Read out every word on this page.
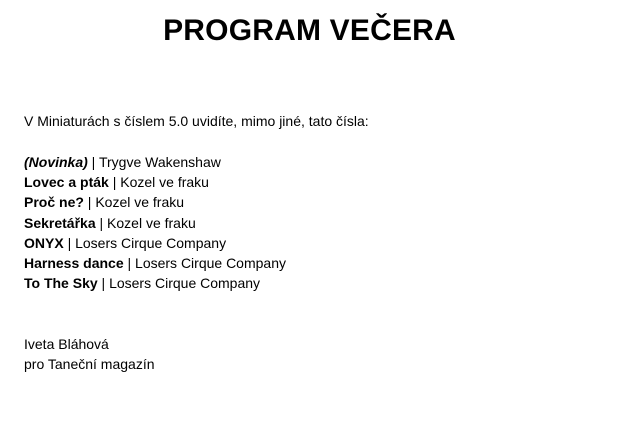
PROGRAM VEČERA

V Miniaturách s číslem 5.0 uvidíte, mimo jiné, tato čísla:

(Novinka) | Trygve Wakenshaw
Lovec a pták | Kozel ve fraku
Proč ne? | Kozel ve fraku
Sekretářka | Kozel ve fraku
ONYX | Losers Cirque Company
Harness dance | Losers Cirque Company
To The Sky | Losers Cirque Company
Iveta Bláhová
pro Taneční magazín
